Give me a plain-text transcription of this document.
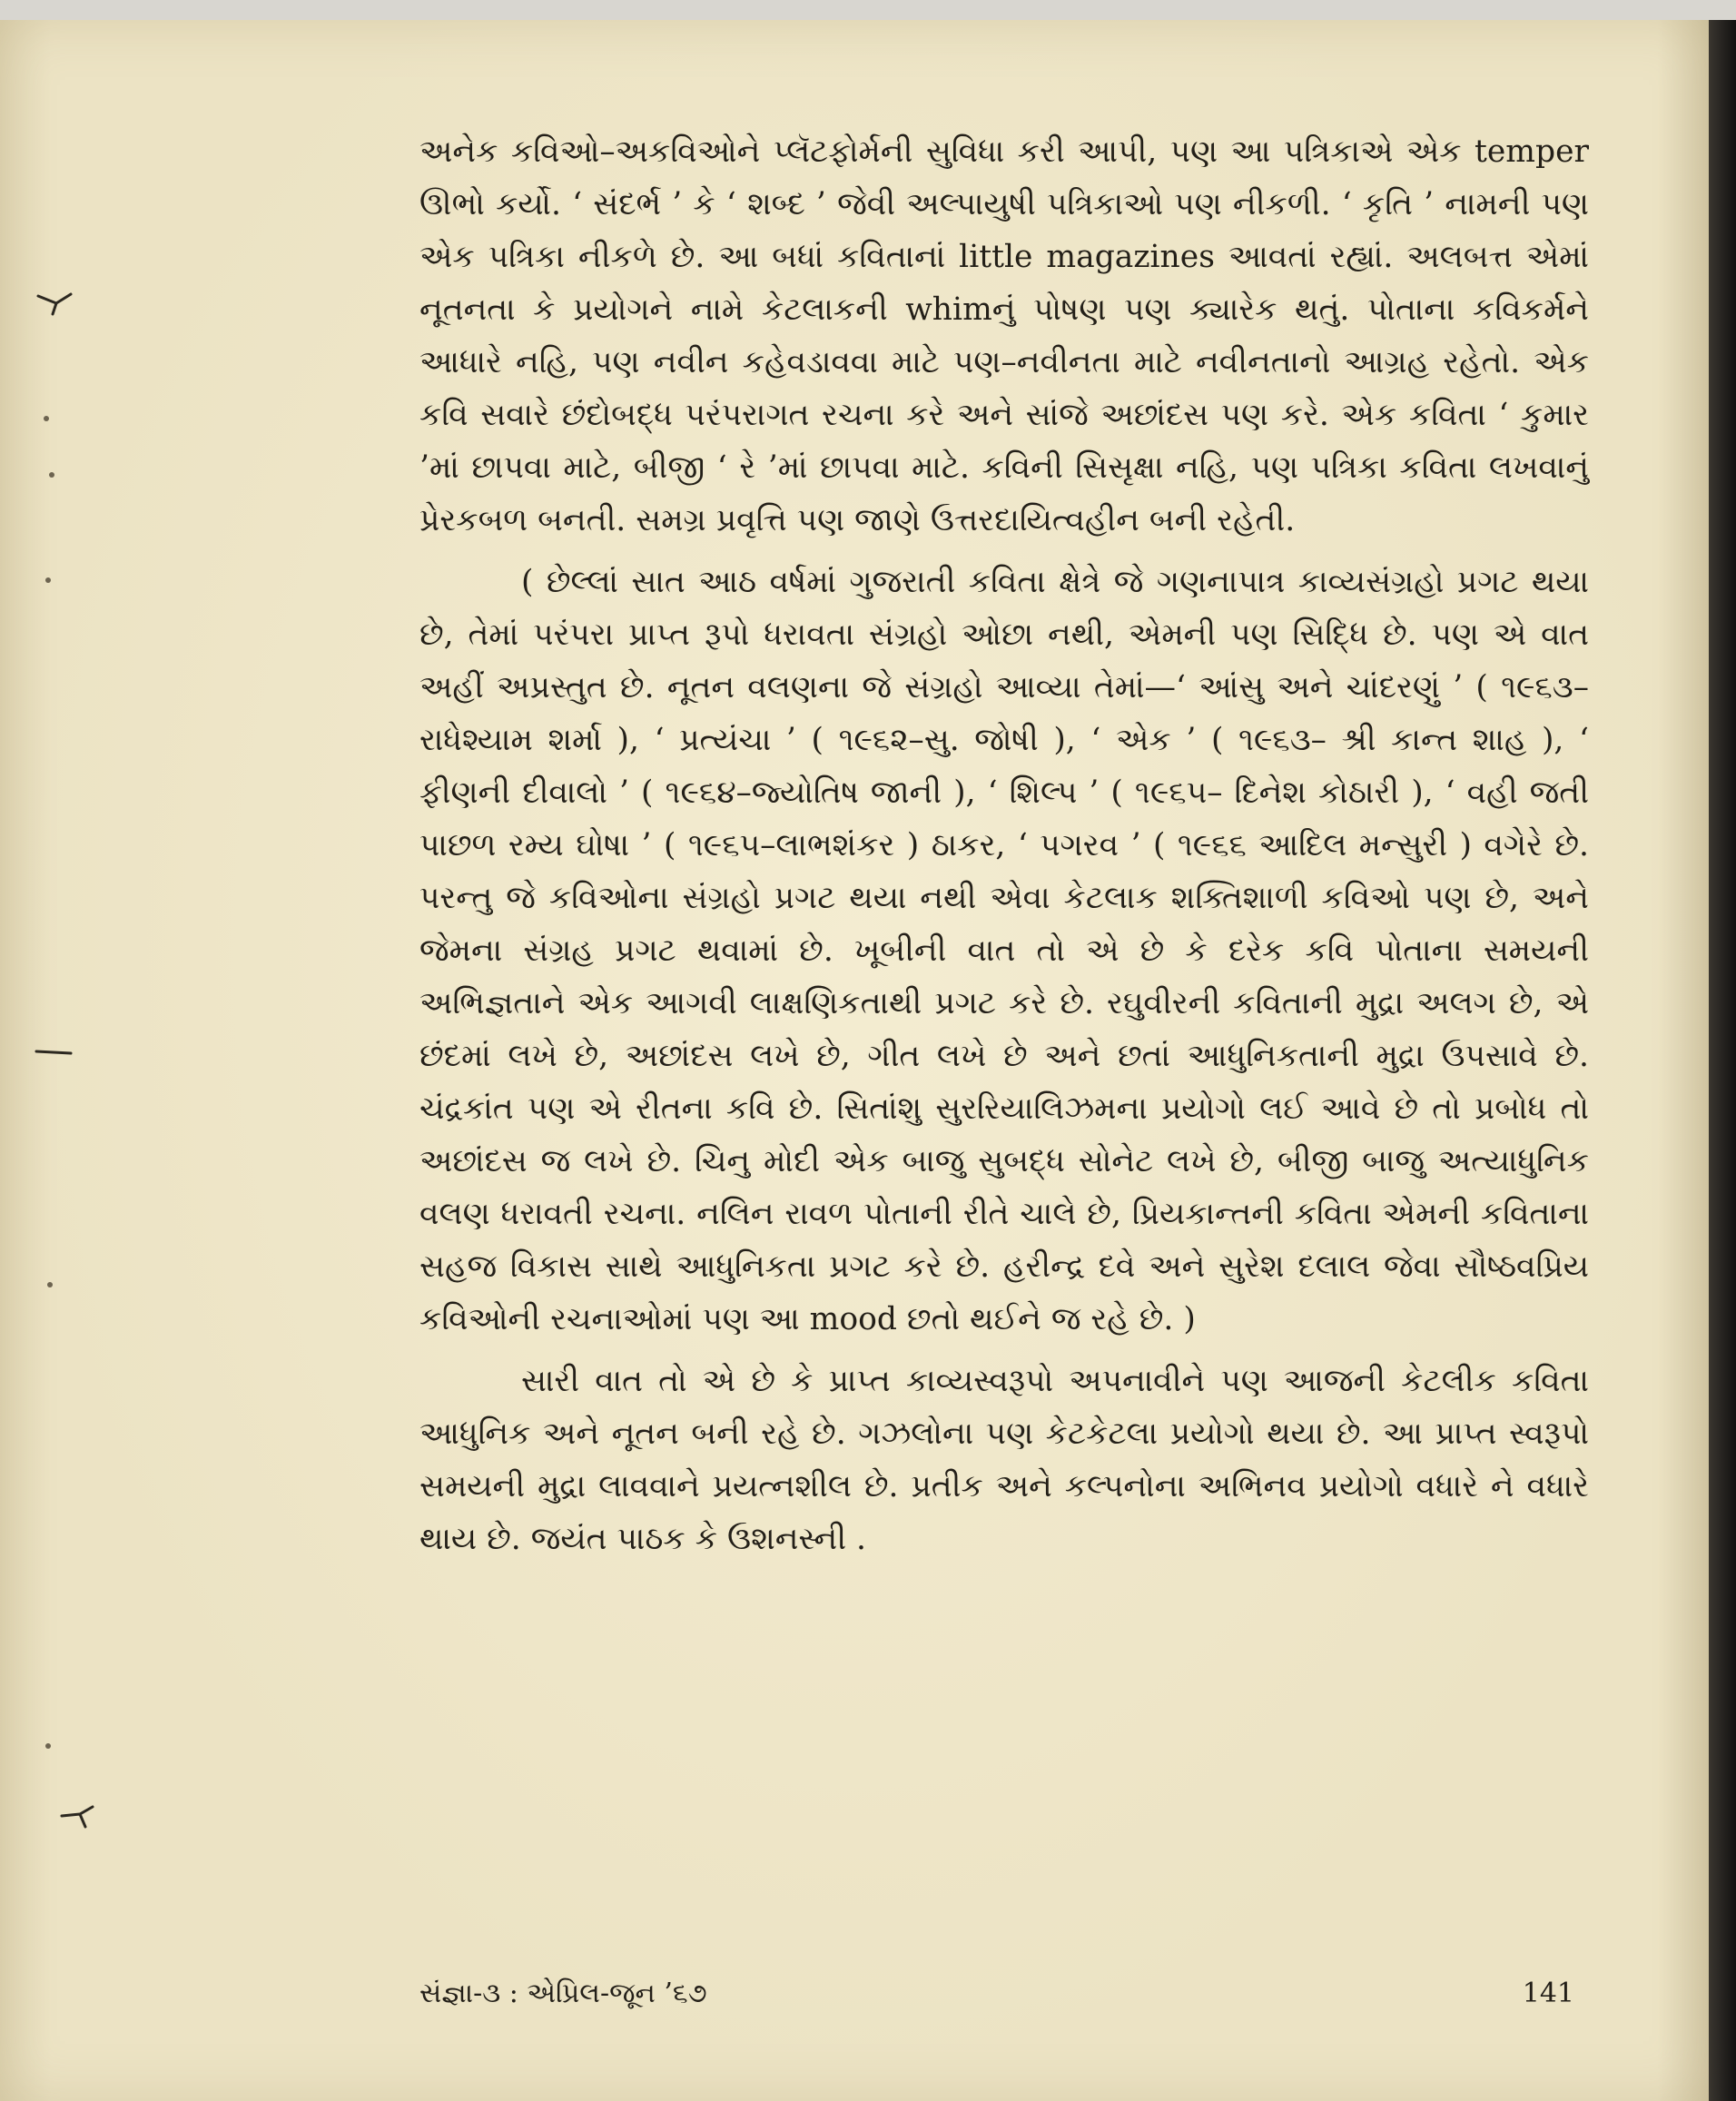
અનેક કવિઓ–અકવિઓને પ્લૅટફોર્મની સુવિધા કરી આપી, પણ આ પત્રિકાએ એક temper ઊભો કર્યો. ‘ સંદર્ભ ’ કે ‘ શબ્દ ’ જેવી અલ્પાયુષી પત્રિકાઓ પણ નીકળી. ‘ કૃતિ ’ નામની પણ એક પત્રિકા નીકળે છે. આ બધાં કવિતાનાં little magazines આવતાં રહ્યાં. અલબત્ત એમાં નૂતનતા કે પ્રયોગને નામે કેટલાકની whimનું પોષણ પણ ક્યારેક થતું. પોતાના કવિકર્મને આધારે નહિ, પણ નવીન કહેવડાવવા માટે પણ–નવીનતા માટે નવીનતાનો આગ્રહ રહેતો. એક કવિ સવારે છંદોબદ્ધ પરંપરાગત રચના કરે અને સાંજે અછાંદસ પણ કરે. એક કવિતા ‘ કુમાર ’માં છાપવા માટે, બીજી ‘ રે ’માં છાપવા માટે. કવિની સિસૃક્ષા નહિ, પણ પત્રિકા કવિતા લખવાનું પ્રેરકબળ બનતી. સમગ્ર પ્રવૃત્તિ પણ જાણે ઉત્તરદાયિત્વહીન બની રહેતી.

( છેલ્લાં સાત આઠ વર્ષમાં ગુજરાતી કવિતા ક્ષેત્રે જે ગણનાપાત્ર કાવ્યસંગ્રહો પ્રગટ થયા છે, તેમાં પરંપરા પ્રાપ્ત રૂપો ધરાવતા સંગ્રહો ઓછા નથી, એમની પણ સિદ્ધિ છે. પણ એ વાત અહીં અપ્રસ્તુત છે. નૂતન વલણના જે સંગ્રહો આવ્યા તેમાં—‘ આંસુ અને ચાંદરણું ’ ( ૧૯૬૩–રાધેશ્યામ શર્મા ), ‘ પ્રત્યંચા ’ ( ૧૯૬૨–સુ. જોષી ), ‘ એક ’ ( ૧૯૬૩– શ્રી કાન્ત શાહ ), ‘ ફીણની દીવાલો ’ ( ૧૯૬૪–જ્યોતિષ જાની ), ‘ શિલ્પ ’ ( ૧૯૬૫– દિનેશ કોઠારી ), ‘ વહી જતી પાછળ રમ્ય ઘોષા ’ ( ૧૯૬૫–લાભશંકર ) ઠાકર, ‘ પગરવ ’ ( ૧૯૬૬ આદિલ મન્સુરી ) વગેરે છે. પરન્તુ જે કવિઓના સંગ્રહો પ્રગટ થયા નથી એવા કેટલાક શક્તિશાળી કવિઓ પણ છે, અને જેમના સંગ્રહ પ્રગટ થવામાં છે. ખૂબીની વાત તો એ છે કે દરેક કવિ પોતાના સમયની અભિજ્ઞતાને એક આગવી લાક્ષણિકતાથી પ્રગટ કરે છે. રઘુવીરની કવિતાની મુદ્રા અલગ છે, એ છંદમાં લખે છે, અછાંદસ લખે છે, ગીત લખે છે અને છતાં આધુનિકતાની મુદ્રા ઉપસાવે છે. ચંદ્રકાંત પણ એ રીતના કવિ છે. સિતાંશુ સુરરિયાલિઝમના પ્રયોગો લઈ આવે છે તો પ્રબોધ તો અછાંદસ જ લખે છે. ચિનુ મોદી એક બાજુ સુબદ્ધ સોનેટ લખે છે, બીજી બાજુ અત્યાધુનિક વલણ ધરાવતી રચના. નલિન રાવળ પોતાની રીતે ચાલે છે, પ્રિયકાન્તની કવિતા એમની કવિતાના સહજ વિકાસ સાથે આધુનિકતા પ્રગટ કરે છે. હરીન્દ્ર દવે અને સુરેશ દલાલ જેવા સૌષ્ઠવપ્રિય કવિઓની રચનાઓમાં પણ આ mood છતો થઈને જ રહે છે. )

સારી વાત તો એ છે કે પ્રાપ્ત કાવ્યસ્વરૂપો અપનાવીને પણ આજની કેટલીક કવિતા આધુનિક અને નૂતન બની રહે છે. ગઝલોના પણ કેટકેટલા પ્રયોગો થયા છે. આ પ્રાપ્ત સ્વરૂપો સમયની મુદ્રા લાવવાને પ્રયત્નશીલ છે. પ્રતીક અને કલ્પનોના અભિનવ પ્રયોગો વધારે ને વધારે થાય છે. જયંત પાઠક કે ઉશનસ્ની .

સંજ્ઞા-૩ : એપ્રિલ-જૂન ’૬૭	141
